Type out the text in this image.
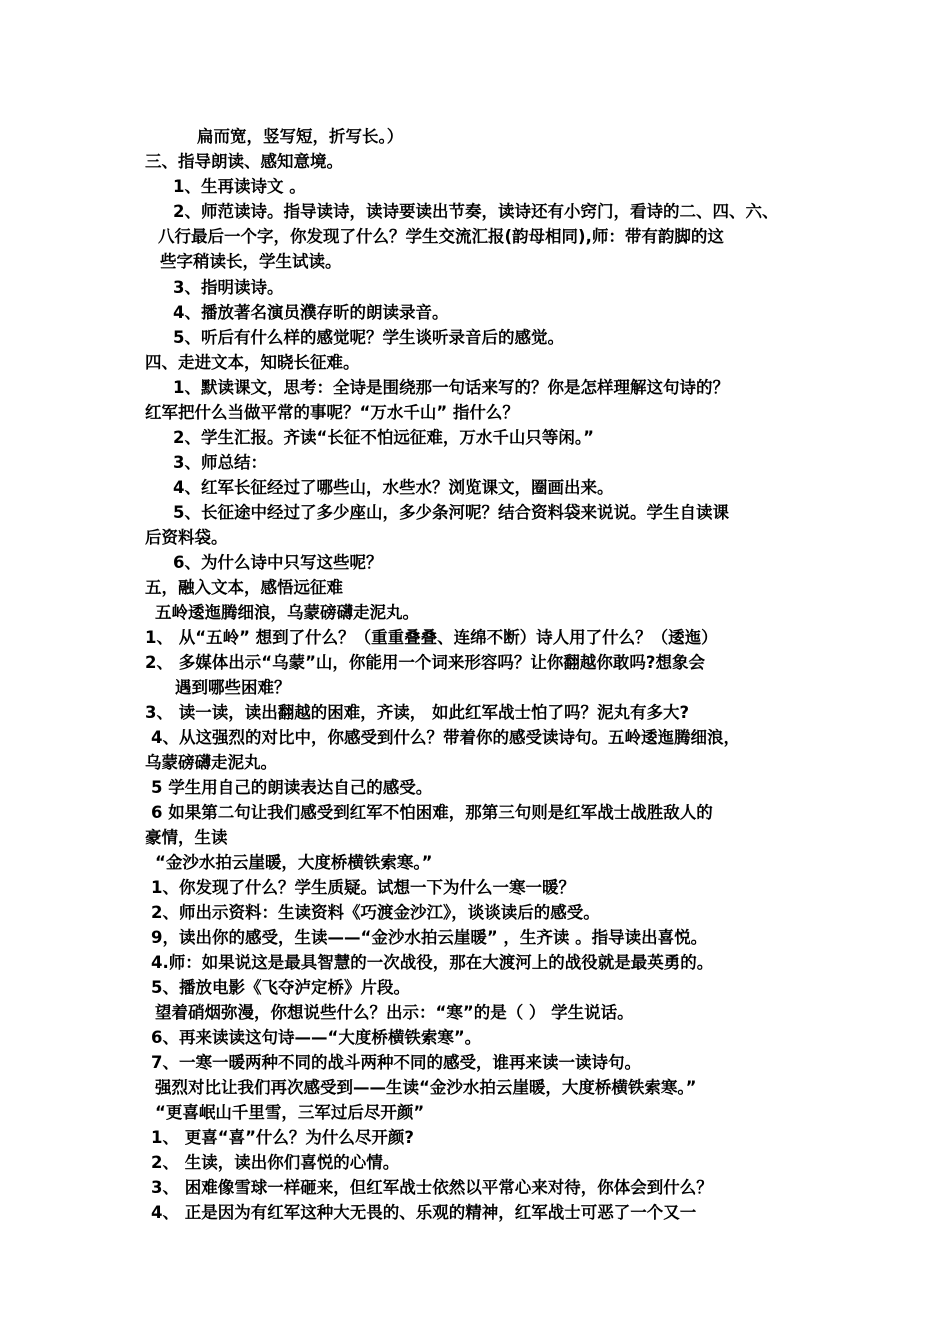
扁而宽，竖写短，折写长。）
三、指导朗读、感知意境。
1、生再读诗文 。
2、师范读诗。指导读诗，读诗要读出节奏，读诗还有小窍门，看诗的二、四、六、
八行最后一个字，你发现了什么？学生交流汇报(韵母相同),师：带有韵脚的这
些字稍读长，学生试读。
3、指明读诗。
4、播放著名演员濮存昕的朗读录音。
5、听后有什么样的感觉呢？学生谈听录音后的感觉。
四、走进文本，知晓长征难。
1、默读课文，思考：全诗是围绕那一句话来写的？你是怎样理解这句诗的？
红军把什么当做平常的事呢？“万水千山” 指什么？
2、学生汇报。齐读“长征不怕远征难，万水千山只等闲。”
3、师总结：
4、红军长征经过了哪些山，水些水？浏览课文，圈画出来。
5、长征途中经过了多少座山，多少条河呢？结合资料袋来说说。学生自读课
后资料袋。
6、为什么诗中只写这些呢？
五，融入文本，感悟远征难
五岭逶迤腾细浪，乌蒙磅礴走泥丸。
1、 从“五岭” 想到了什么？（重重叠叠、连绵不断）诗人用了什么？（逶迤）
2、 多媒体出示“乌蒙”山，你能用一个词来形容吗？让你翻越你敢吗?想象会
遇到哪些困难？
3、 读一读，读出翻越的困难，齐读， 如此红军战士怕了吗？泥丸有多大?
4、从这强烈的对比中，你感受到什么？带着你的感受读诗句。五岭逶迤腾细浪，
乌蒙磅礴走泥丸。
5 学生用自己的朗读表达自己的感受。
6 如果第二句让我们感受到红军不怕困难，那第三句则是红军战士战胜敌人的
豪情，生读
“金沙水拍云崖暖，大度桥横铁索寒。”
1、你发现了什么？学生质疑。试想一下为什么一寒一暖？
2、师出示资料：生读资料《巧渡金沙江》，谈谈读后的感受。
9，读出你的感受，生读——“金沙水拍云崖暖” ，生齐读 。指导读出喜悦。
4.师：如果说这是最具智慧的一次战役，那在大渡河上的战役就是最英勇的。
5、播放电影《飞夺泸定桥》片段。
望着硝烟弥漫，你想说些什么？出示：“寒”的是（ ） 学生说话。
6、再来读读这句诗——“大度桥横铁索寒”。
7、一寒一暖两种不同的战斗两种不同的感受，谁再来读一读诗句。
强烈对比让我们再次感受到——生读“金沙水拍云崖暖，大度桥横铁索寒。”
“更喜岷山千里雪，三军过后尽开颜”
1、 更喜“喜”什么？为什么尽开颜?
2、 生读，读出你们喜悦的心情。
3、 困难像雪球一样砸来，但红军战士依然以平常心来对待，你体会到什么？
4、 正是因为有红军这种大无畏的、乐观的精神，红军战士可恶了一个又一
